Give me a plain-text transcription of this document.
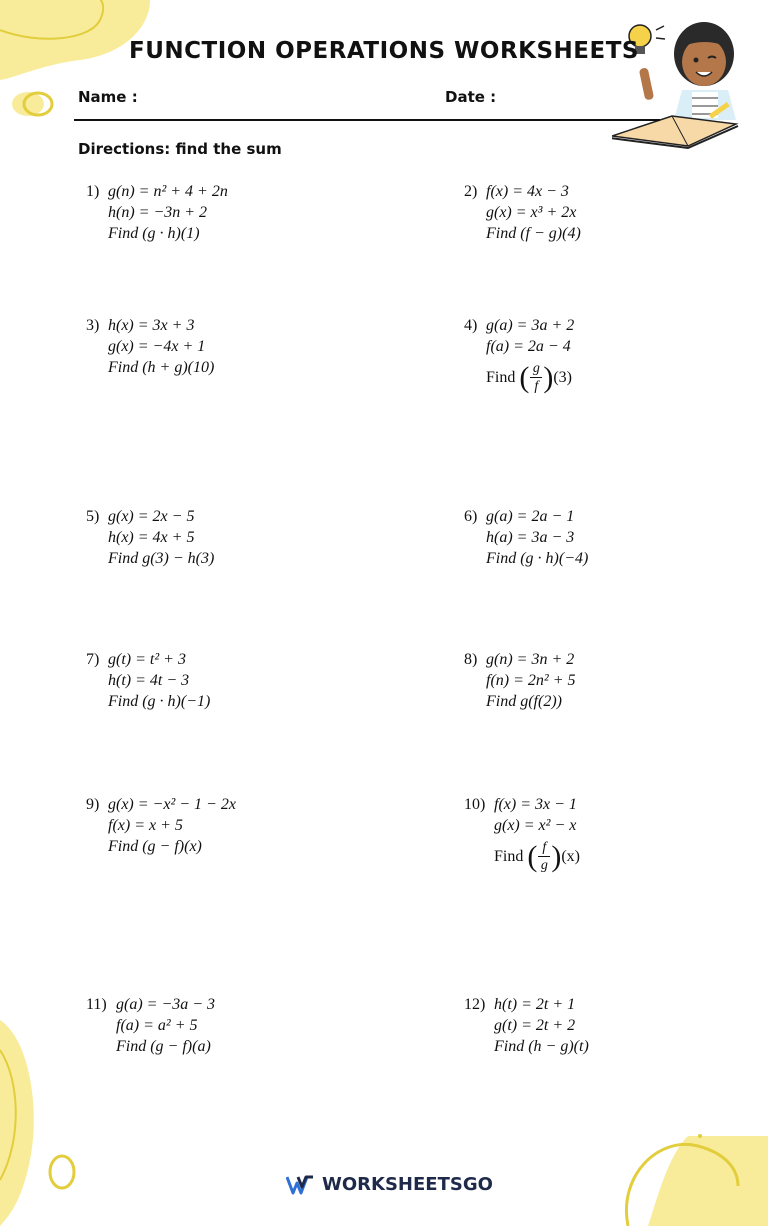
FUNCTION OPERATIONS WORKSHEETS
Name :	Date :
Directions: find the sum
1) g(n) = n² + 4 + 2n
h(n) = −3n + 2
Find (g · h)(1)
2) f(x) = 4x − 3
g(x) = x³ + 2x
Find (f − g)(4)
3) h(x) = 3x + 3
g(x) = −4x + 1
Find (h + g)(10)
4) g(a) = 3a + 2
f(a) = 2a − 4
Find ( $\frac{g}{f}$ ) (3)
5) g(x) = 2x − 5
h(x) = 4x + 5
Find g(3) − h(3)
6) g(a) = 2a − 1
h(a) = 3a − 3
Find (g · h)(−4)
7) g(t) = t² + 3
h(t) = 4t − 3
Find (g · h)(−1)
8) g(n) = 3n + 2
f(n) = 2n² + 5
Find g(f(2))
9) g(x) = −x² − 1 − 2x
f(x) = x + 5
Find (g − f)(x)
10) f(x) = 3x − 1
g(x) = x² − x
Find ( $\frac{f}{g}$ ) (x)
11) g(a) = −3a − 3
f(a) = a² + 5
Find (g − f)(a)
12) h(t) = 2t + 1
g(t) = 2t + 2
Find (h − g)(t)
WORKSHEETS GO
